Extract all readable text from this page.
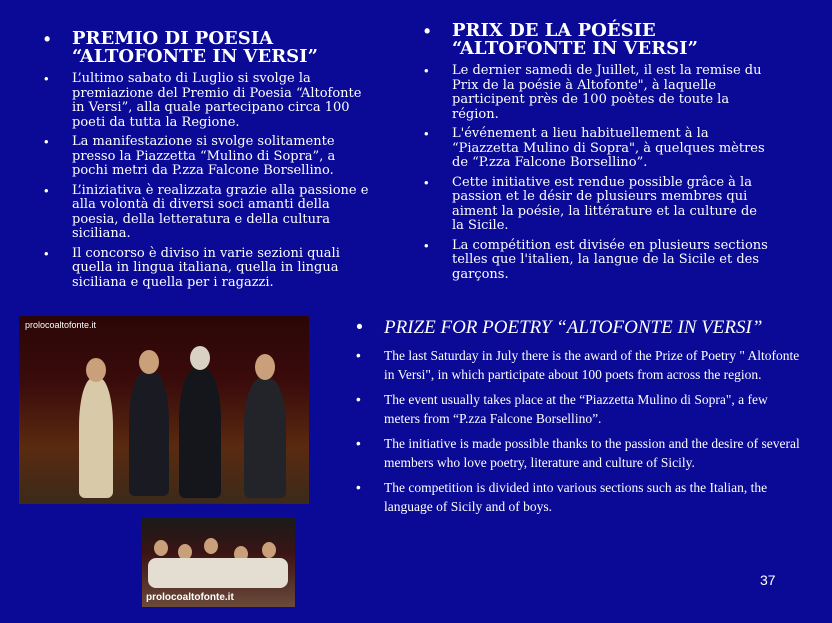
• PREMIO DI POESIA “ALTOFONTE IN VERSI”
• L’ultimo sabato di Luglio si svolge la premiazione del Premio di Poesia “Altofonte in Versi”, alla quale partecipano circa 100 poeti da tutta la Regione.
• La manifestazione si svolge solitamente presso la Piazzetta “Mulino di Sopra”, a pochi metri da P.zza Falcone Borsellino.
• L’iniziativa è realizzata grazie alla passione e alla volontà di diversi soci amanti della poesia, della letteratura e della cultura siciliana.
• Il concorso è diviso in varie sezioni quali quella in lingua italiana, quella in lingua siciliana e quella per i ragazzi.
• PRIX DE LA POÉSIE “ALTOFONTE IN VERSI”
• Le dernier samedi de Juillet, il est la remise du Prix de la poésie à Altofonte", à laquelle participent près de 100 poètes de toute la région.
• L'événement a lieu habituellement à la “Piazzetta Mulino di Sopra", à quelques mètres de “P.zza Falcone Borsellino”.
• Cette initiative est rendue possible grâce à la passion et le désir de plusieurs membres qui aiment la poésie, la littérature et la culture de la Sicile.
• La compétition est divisée en plusieurs sections telles que l'italien, la langue de la Sicile et des garçons.
prolocoaltofonte.it
prolocoaltofonte.it
• PRIZE FOR POETRY “ALTOFONTE IN VERSI”
• The last Saturday in July there is the award of the Prize of Poetry " Altofonte in Versi", in which participate about 100 poets from across the region.
• The event usually takes place at the “Piazzetta Mulino di Sopra", a few meters from “P.zza Falcone Borsellino”.
• The initiative is made possible thanks to the passion and the desire of several members who love poetry, literature and culture of Sicily.
• The competition is divided into various sections such as the Italian, the language of Sicily and of boys.
37
